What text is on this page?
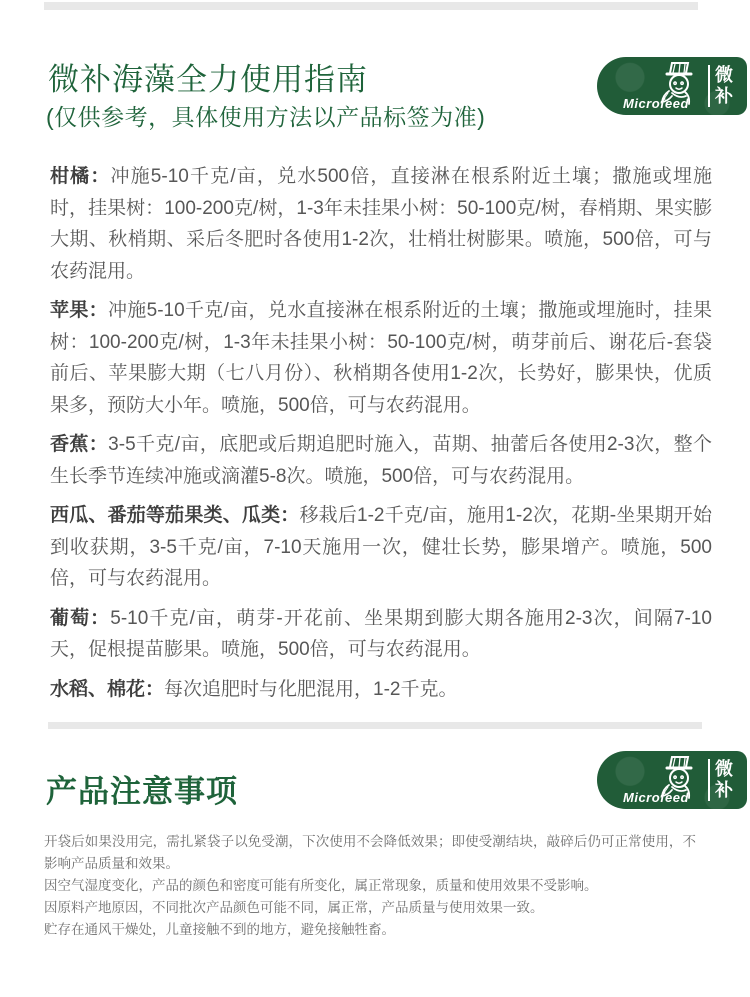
微补海藻全力使用指南
(仅供参考，具体使用方法以产品标签为准)
微
补
Microfeed

柑橘：冲施5-10千克/亩，兑水500倍，直接淋在根系附近土壤；撒施或埋施时，挂果树：100-200克/树，1-3年未挂果小树：50-100克/树，春梢期、果实膨大期、秋梢期、采后冬肥时各使用1-2次，壮梢壮树膨果。喷施，500倍，可与农药混用。

苹果：冲施5-10千克/亩，兑水直接淋在根系附近的土壤；撒施或埋施时，挂果树：100-200克/树，1-3年未挂果小树：50-100克/树，萌芽前后、谢花后-套袋前后、苹果膨大期（七八月份）、秋梢期各使用1-2次，长势好，膨果快，优质果多，预防大小年。喷施，500倍，可与农药混用。

香蕉：3-5千克/亩，底肥或后期追肥时施入，苗期、抽蕾后各使用2-3次，整个生长季节连续冲施或滴灌5-8次。喷施，500倍，可与农药混用。

西瓜、番茄等茄果类、瓜类：移栽后1-2千克/亩，施用1-2次，花期-坐果期开始到收获期，3-5千克/亩，7-10天施用一次，健壮长势，膨果增产。喷施，500倍，可与农药混用。

葡萄：5-10千克/亩，萌芽-开花前、坐果期到膨大期各施用2-3次，间隔7-10天，促根提苗膨果。喷施，500倍，可与农药混用。

水稻、棉花：每次追肥时与化肥混用，1-2千克。

产品注意事项
微
补
Microfeed

开袋后如果没用完，需扎紧袋子以免受潮，下次使用不会降低效果；即使受潮结块，敲碎后仍可正常使用，不影响产品质量和效果。

因空气湿度变化，产品的颜色和密度可能有所变化，属正常现象，质量和使用效果不受影响。

因原料产地原因，不同批次产品颜色可能不同，属正常，产品质量与使用效果一致。

贮存在通风干燥处，儿童接触不到的地方，避免接触牲畜。
